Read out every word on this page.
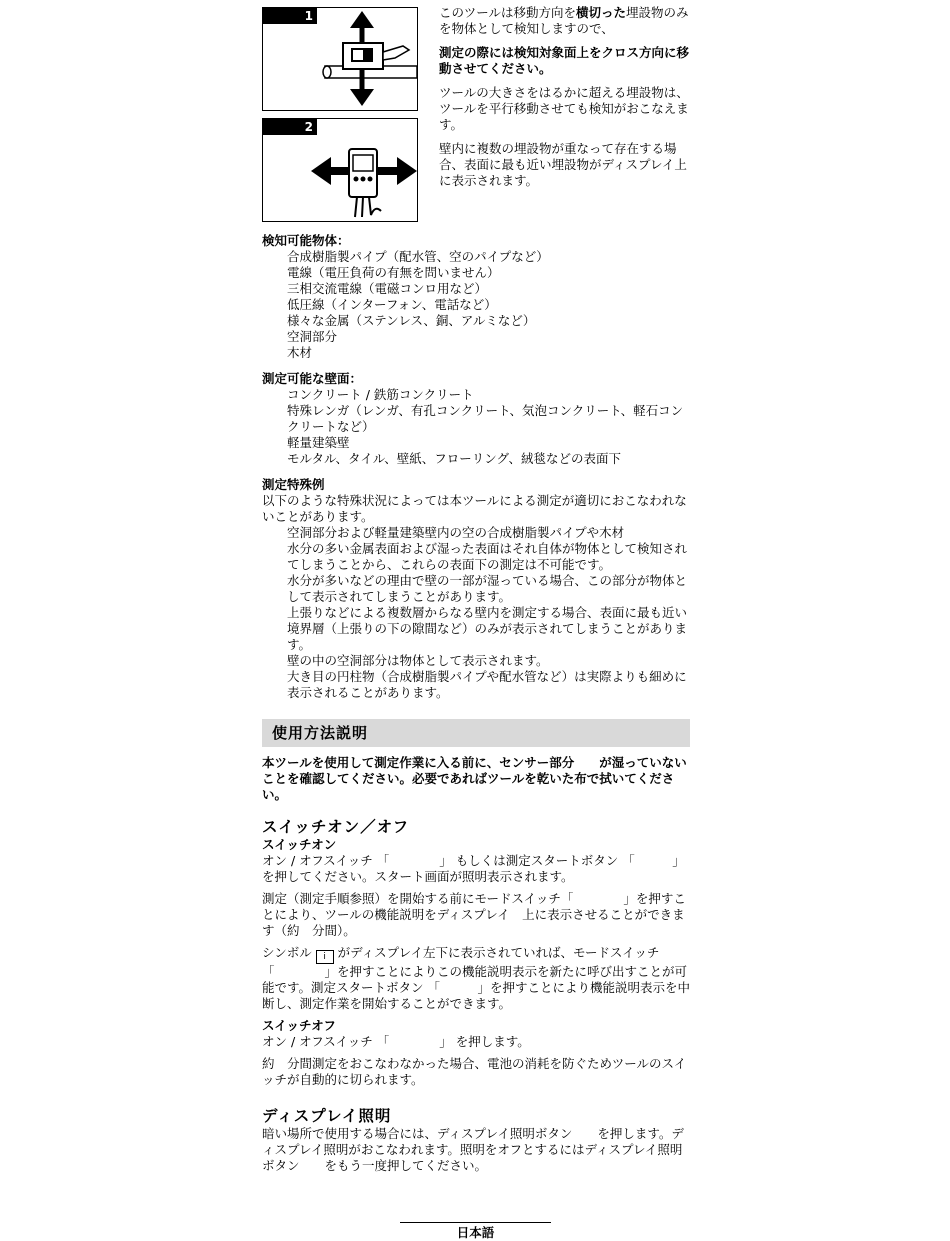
1
2

このツールは移動方向を横切った埋設物のみを物体として検知しますので、

測定の際には検知対象面上をクロス方向に移動させてください。

ツールの大きさをはるかに超える埋設物は、ツールを平行移動させても検知がおこなえます。

壁内に複数の埋設物が重なって存在する場合、表面に最も近い埋設物がディスプレイ上に表示されます。

検知可能物体：

合成樹脂製パイプ（配水管、空のパイプなど）
電線（電圧負荷の有無を問いません）
三相交流電線（電磁コンロ用など）
低圧線（インターフォン、電話など）
様々な金属（ステンレス、銅、アルミなど）
空洞部分
木材

測定可能な壁面：

コンクリート / 鉄筋コンクリート
特殊レンガ（レンガ、有孔コンクリート、気泡コンクリート、軽石コンクリートなど）
軽量建築壁
モルタル、タイル、壁紙、フローリング、絨毯などの表面下

測定特殊例

以下のような特殊状況によっては本ツールによる測定が適切におこなわれないことがあります。

空洞部分および軽量建築壁内の空の合成樹脂製パイプや木材
水分の多い金属表面および湿った表面はそれ自体が物体として検知されてしまうことから、これらの表面下の測定は不可能です。
水分が多いなどの理由で壁の一部が湿っている場合、この部分が物体として表示されてしまうことがあります。
上張りなどによる複数層からなる壁内を測定する場合、表面に最も近い境界層（上張りの下の隙間など）のみが表示されてしまうことがあります。
壁の中の空洞部分は物体として表示されます。
大き目の円柱物（合成樹脂製パイプや配水管など）は実際よりも細めに表示されることがあります。
使用方法説明

本ツールを使用して測定作業に入る前に、センサー部分　　が湿っていないことを確認してください。必要であればツールを乾いた布で拭いてください。

スイッチオン／オフ

スイッチオン

オン / オフスイッチ 「　　　　」 もしくは測定スタートボタン 「　　　」 を押してください。スタート画面が照明表示されます。

測定（測定手順参照）を開始する前にモードスイッチ「　　　　」を押すことにより、ツールの機能説明をディスプレイ　上に表示させることができます（約　分間）。

シンボル i がディスプレイ左下に表示されていれば、モードスイッチ「　　　　」を押すことによりこの機能説明表示を新たに呼び出すことが可能です。測定スタートボタン 「　　　」を押すことにより機能説明表示を中断し、測定作業を開始することができます。

スイッチオフ

オン / オフスイッチ 「　　　　」 を押します。

約　分間測定をおこなわなかった場合、電池の消耗を防ぐためツールのスイッチが自動的に切られます。

ディスプレイ照明

暗い場所で使用する場合には、ディスプレイ照明ボタン　　を押します。ディスプレイ照明がおこなわれます。照明をオフとするにはディスプレイ照明ボタン　　をもう一度押してください。

日本語
